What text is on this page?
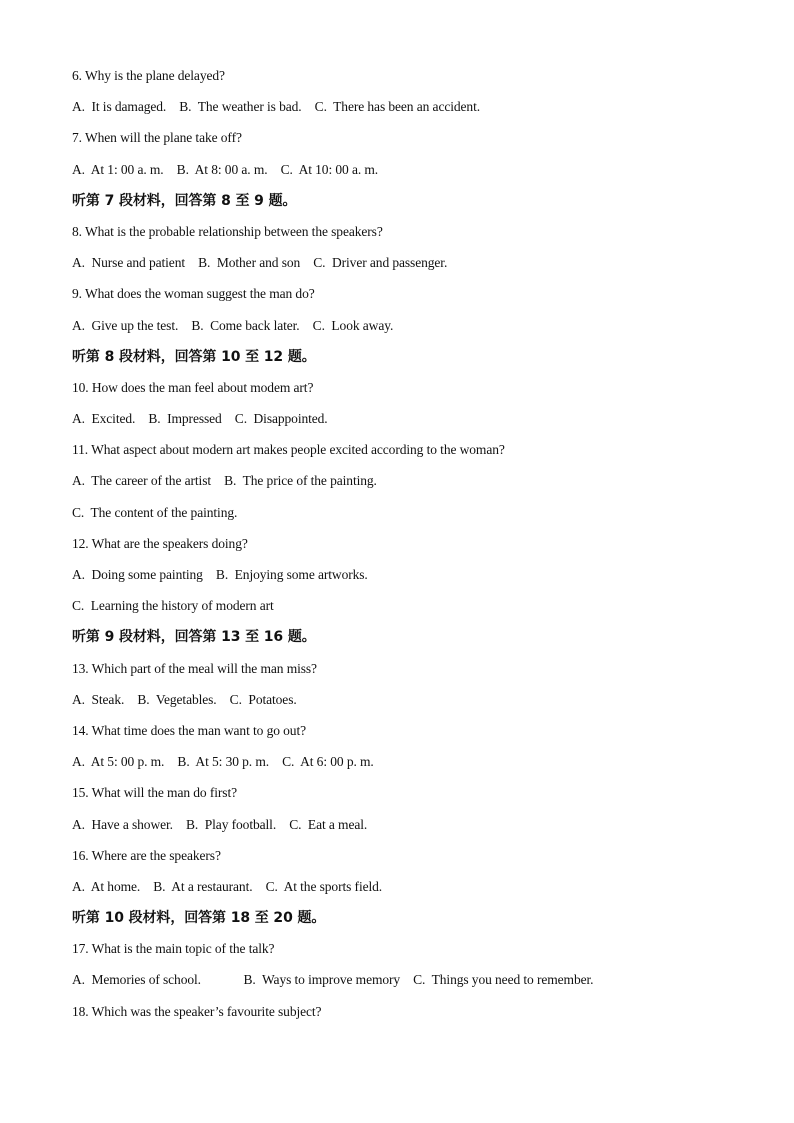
6. Why is the plane delayed?
A.  It is damaged.    B.  The weather is bad.    C.  There has been an accident.
7. When will the plane take off?
A.  At 1: 00 a. m.    B.  At 8: 00 a. m.    C.  At 10: 00 a. m.
听第 7 段材料，回答第 8 至 9 题。
8. What is the probable relationship between the speakers?
A.  Nurse and patient    B.  Mother and son    C.  Driver and passenger.
9. What does the woman suggest the man do?
A.  Give up the test.    B.  Come back later.    C.  Look away.
听第 8 段材料，回答第 10 至 12 题。
10. How does the man feel about modem art?
A.  Excited.    B.  Impressed    C.  Disappointed.
11. What aspect about modern art makes people excited according to the woman?
A.  The career of the artist    B.  The price of the painting.
C.  The content of the painting.
12. What are the speakers doing?
A.  Doing some painting    B.  Enjoying some artworks.
C.  Learning the history of modern art
听第 9 段材料，回答第 13 至 16 题。
13. Which part of the meal will the man miss?
A.  Steak.    B.  Vegetables.    C.  Potatoes.
14. What time does the man want to go out?
A.  At 5: 00 p. m.    B.  At 5: 30 p. m.    C.  At 6: 00 p. m.
15. What will the man do first?
A.  Have a shower.    B.  Play football.    C.  Eat a meal.
16. Where are the speakers?
A.  At home.    B.  At a restaurant.    C.  At the sports field.
听第 10 段材料，回答第 18 至 20 题。
17. What is the main topic of the talk?
A.  Memories of school.             B.  Ways to improve memory    C.  Things you need to remember.
18. Which was the speaker’s favourite subject?
